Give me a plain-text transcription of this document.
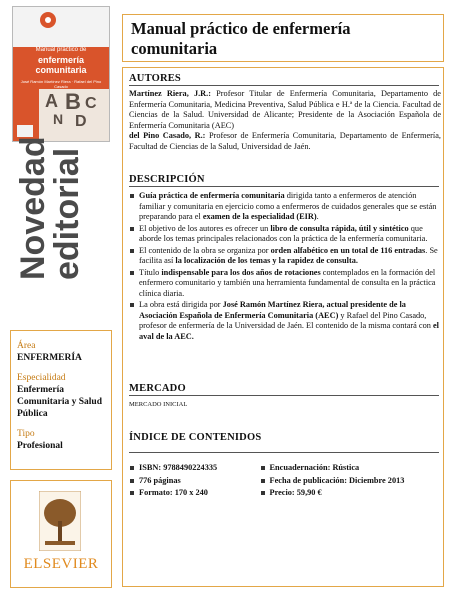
Manual práctico de
enfermería
comunitaria
José Ramón Martínez Riera · Rafael del Pino Casado
A B C
N D
Novedad
editorial
Área
ENFERMERÍA
Especialidad
Enfermería Comunitaria y Salud Pública
Tipo
Profesional
ELSEVIER
Manual práctico de enfermería comunitaria
AUTORES

Martínez Riera, J.R.: Profesor Titular de Enfermería Comunitaria, Departamento de Enfermería Comunitaria, Medicina Preventiva, Salud Pública e H.ª de la Ciencia. Facultad de Ciencias de la Salud. Universidad de Alicante; Presidente de la Asociación Española de Enfermería Comunitaria (AEC)

del Pino Casado, R.: Profesor de Enfermería Comunitaria, Departamento de Enfermería, Facultad de Ciencias de la Salud, Universidad de Jaén.

DESCRIPCIÓN
Guía práctica de enfermería comunitaria dirigida tanto a enfermeros de atención familiar y comunitaria en ejercicio como a enfermeros de cuidados generales que se están preparando para el examen de la especialidad (EIR).
El objetivo de los autores es ofrecer un libro de consulta rápida, útil y sintético que aborde los temas principales relacionados con la práctica de la enfermería comunitaria.
El contenido de la obra se organiza por orden alfabético en un total de 116 entradas. Se facilita así la localización de los temas y la rapidez de consulta.
Título indispensable para los dos años de rotaciones contemplados en la formación del enfermero comunitario y también una herramienta fundamental de consulta en la práctica clínica diaria.
La obra está dirigida por José Ramón Martínez Riera, actual presidente de la Asociación Española de Enfermería Comunitaria (AEC) y Rafael del Pino Casado, profesor de enfermería de la Universidad de Jaén. El contenido de la misma contará con el aval de la AEC.
MERCADO
MERCADO INICIAL
ÍNDICE DE CONTENIDOS
ISBN: 9788490224335	Encuadernación: Rústica
776 páginas	Fecha de publicación: Diciembre 2013
Formato: 170 x 240	Precio: 59,90 €
